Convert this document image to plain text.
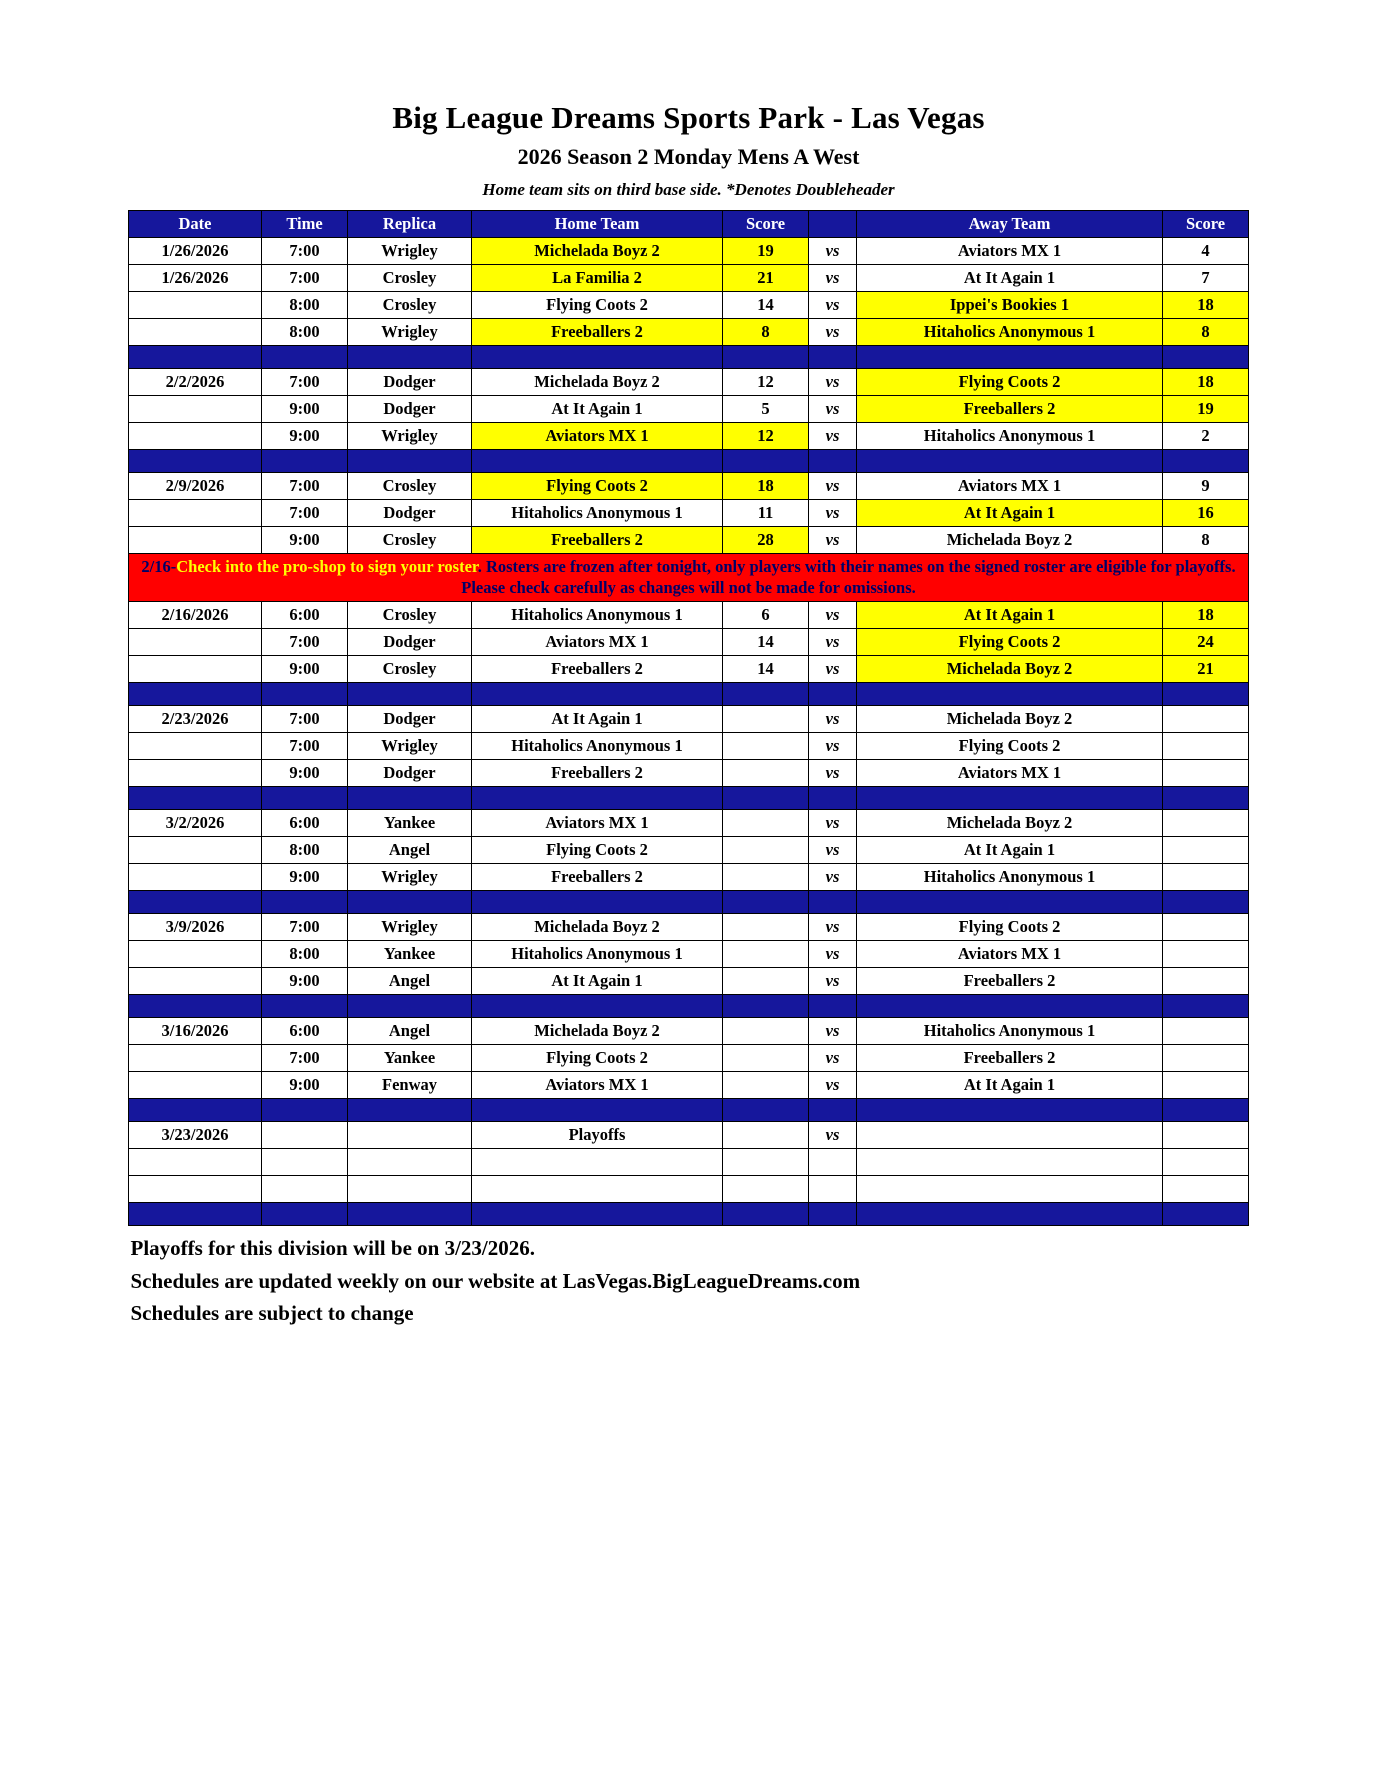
Big League Dreams Sports Park - Las Vegas
2026 Season 2 Monday Mens A West
Home team sits on third base side. *Denotes Doubleheader
Date	Time	Replica	Home Team	Score		Away Team	Score
1/26/2026	7:00	Wrigley	Michelada Boyz 2	19	vs	Aviators MX 1	4
1/26/2026	7:00	Crosley	La Familia 2	21	vs	At It Again 1	7
	8:00	Crosley	Flying Coots 2	14	vs	Ippei's Bookies 1	18
	8:00	Wrigley	Freeballers 2	8	vs	Hitaholics Anonymous 1	8

2/2/2026	7:00	Dodger	Michelada Boyz 2	12	vs	Flying Coots 2	18
	9:00	Dodger	At It Again 1	5	vs	Freeballers 2	19
	9:00	Wrigley	Aviators MX 1	12	vs	Hitaholics Anonymous 1	2

2/9/2026	7:00	Crosley	Flying Coots 2	18	vs	Aviators MX 1	9
	7:00	Dodger	Hitaholics Anonymous 1	11	vs	At It Again 1	16
	9:00	Crosley	Freeballers 2	28	vs	Michelada Boyz 2	8
2/16-Check into the pro-shop to sign your roster. Rosters are frozen after tonight, only players with their names on the signed roster are eligible for playoffs. Please check carefully as changes will not be made for omissions.							
2/16/2026	6:00	Crosley	Hitaholics Anonymous 1	6	vs	At It Again 1	18
	7:00	Dodger	Aviators MX 1	14	vs	Flying Coots 2	24
	9:00	Crosley	Freeballers 2	14	vs	Michelada Boyz 2	21

2/23/2026	7:00	Dodger	At It Again 1		vs	Michelada Boyz 2	
	7:00	Wrigley	Hitaholics Anonymous 1		vs	Flying Coots 2	
	9:00	Dodger	Freeballers 2		vs	Aviators MX 1	

3/2/2026	6:00	Yankee	Aviators MX 1		vs	Michelada Boyz 2	
	8:00	Angel	Flying Coots 2		vs	At It Again 1	
	9:00	Wrigley	Freeballers 2		vs	Hitaholics Anonymous 1	

3/9/2026	7:00	Wrigley	Michelada Boyz 2		vs	Flying Coots 2	
	8:00	Yankee	Hitaholics Anonymous 1		vs	Aviators MX 1	
	9:00	Angel	At It Again 1		vs	Freeballers 2	

3/16/2026	6:00	Angel	Michelada Boyz 2		vs	Hitaholics Anonymous 1	
	7:00	Yankee	Flying Coots 2		vs	Freeballers 2	
	9:00	Fenway	Aviators MX 1		vs	At It Again 1	

3/23/2026			Playoffs		vs		

Playoffs for this division will be on 3/23/2026.
Schedules are updated weekly on our website at LasVegas.BigLeagueDreams.com
Schedules are subject to change
